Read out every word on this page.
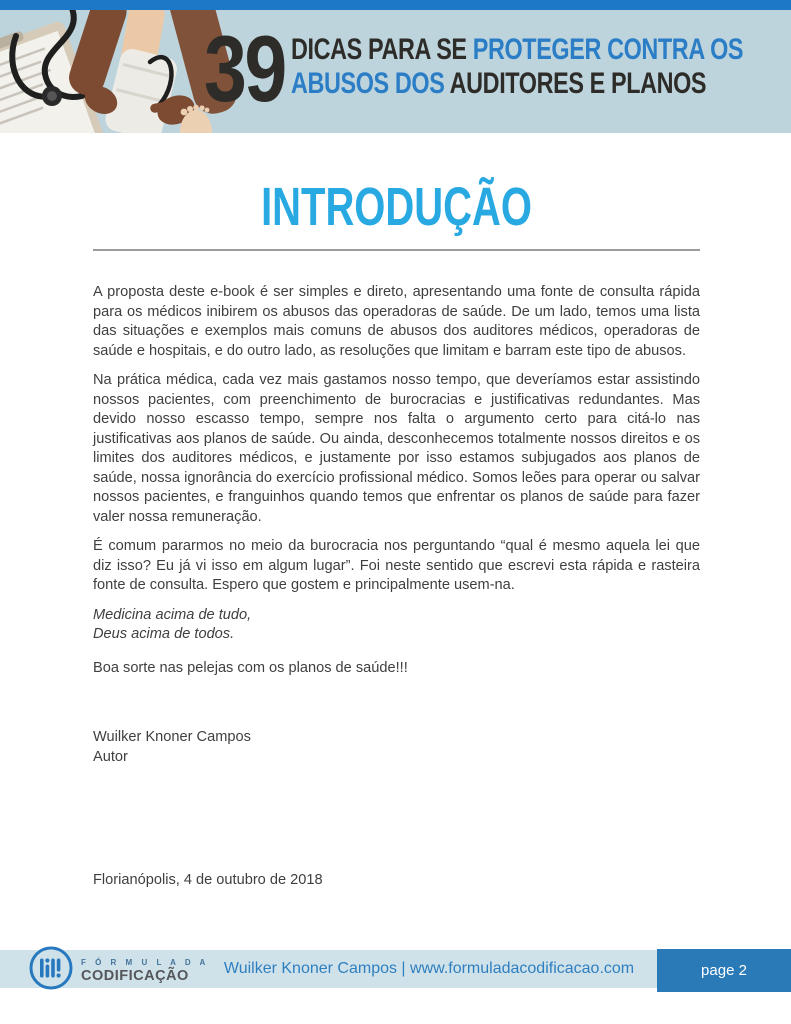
39 DICAS PARA SE PROTEGER CONTRA OS
ABUSOS DOS AUDITORES E PLANOS
INTRODUÇÃO

A proposta deste e-book é ser simples e direto, apresentando uma fonte de consulta rápida para os médicos inibirem os abusos das operadoras de saúde. De um lado, temos uma lista das situações e exemplos mais comuns de abusos dos auditores médicos, operadoras de saúde e hospitais, e do outro lado, as resoluções que limitam e barram este tipo de abusos.

Na prática médica, cada vez mais gastamos nosso tempo, que deveríamos estar assistindo nossos pacientes, com preenchimento de burocracias e justificativas redundantes. Mas devido nosso escasso tempo, sempre nos falta o argumento certo para citá-lo nas justificativas aos planos de saúde. Ou ainda, desconhecemos totalmente nossos direitos e os limites dos auditores médicos, e justamente por isso estamos subjugados aos planos de saúde, nossa ignorância do exercício profissional médico. Somos leões para operar ou salvar nossos pacientes, e franguinhos quando temos que enfrentar os planos de saúde para fazer valer nossa remuneração.

É comum pararmos no meio da burocracia nos perguntando “qual é mesmo aquela lei que diz isso? Eu já vi isso em algum lugar”. Foi neste sentido que escrevi esta rápida e rasteira fonte de consulta. Espero que gostem e principalmente usem-na.

Medicina acima de tudo,
Deus acima de todos.
Boa sorte nas pelejas com os planos de saúde!!!
Wuilker Knoner Campos
Autor
Florianópolis, 4 de outubro de 2018
F Ó R M U L A D A
CODIFICAÇÃO	Wuilker Knoner Campos | www.formuladacodificacao.com	page 2
